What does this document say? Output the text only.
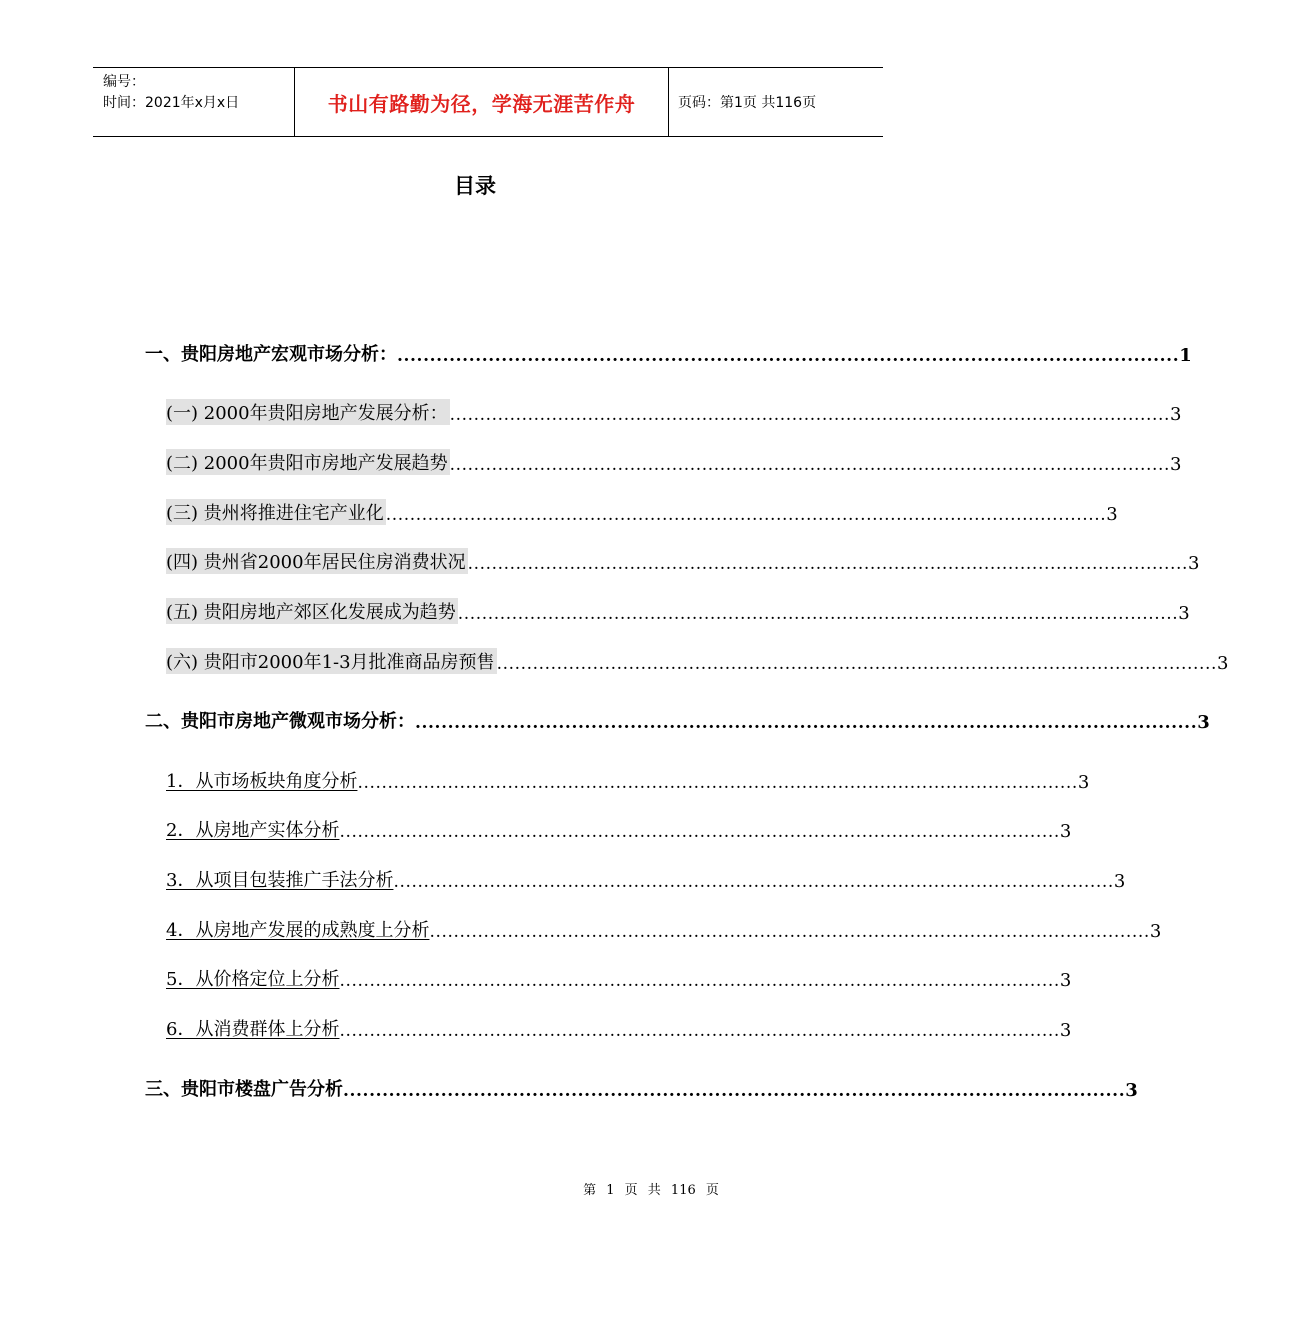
编号：
时间：2021年x月x日	书山有路勤为径，学海无涯苦作舟	页码：第1页 共116页
目录
一、贵阳房地产宏观市场分析： ........................................................................................................................ 1
(一) 2000年贵阳房地产发展分析： ........................................................................................................................ 3
(二) 2000年贵阳市房地产发展趋势 ........................................................................................................................ 3
(三) 贵州将推进住宅产业化 ........................................................................................................................ 3
(四) 贵州省2000年居民住房消费状况 ........................................................................................................................ 3
(五) 贵阳房地产郊区化发展成为趋势 ........................................................................................................................ 3
(六) 贵阳市2000年1-3月批准商品房预售 ........................................................................................................................ 3
二、贵阳市房地产微观市场分析： ........................................................................................................................ 3
1．从市场板块角度分析 ........................................................................................................................ 3
2．从房地产实体分析 ........................................................................................................................ 3
3．从项目包装推广手法分析 ........................................................................................................................ 3
4．从房地产发展的成熟度上分析 ........................................................................................................................ 3
5．从价格定位上分析 ........................................................................................................................ 3
6．从消费群体上分析 ........................................................................................................................ 3
三、贵阳市楼盘广告分析 ........................................................................................................................ 3
第 1 页 共 116 页
